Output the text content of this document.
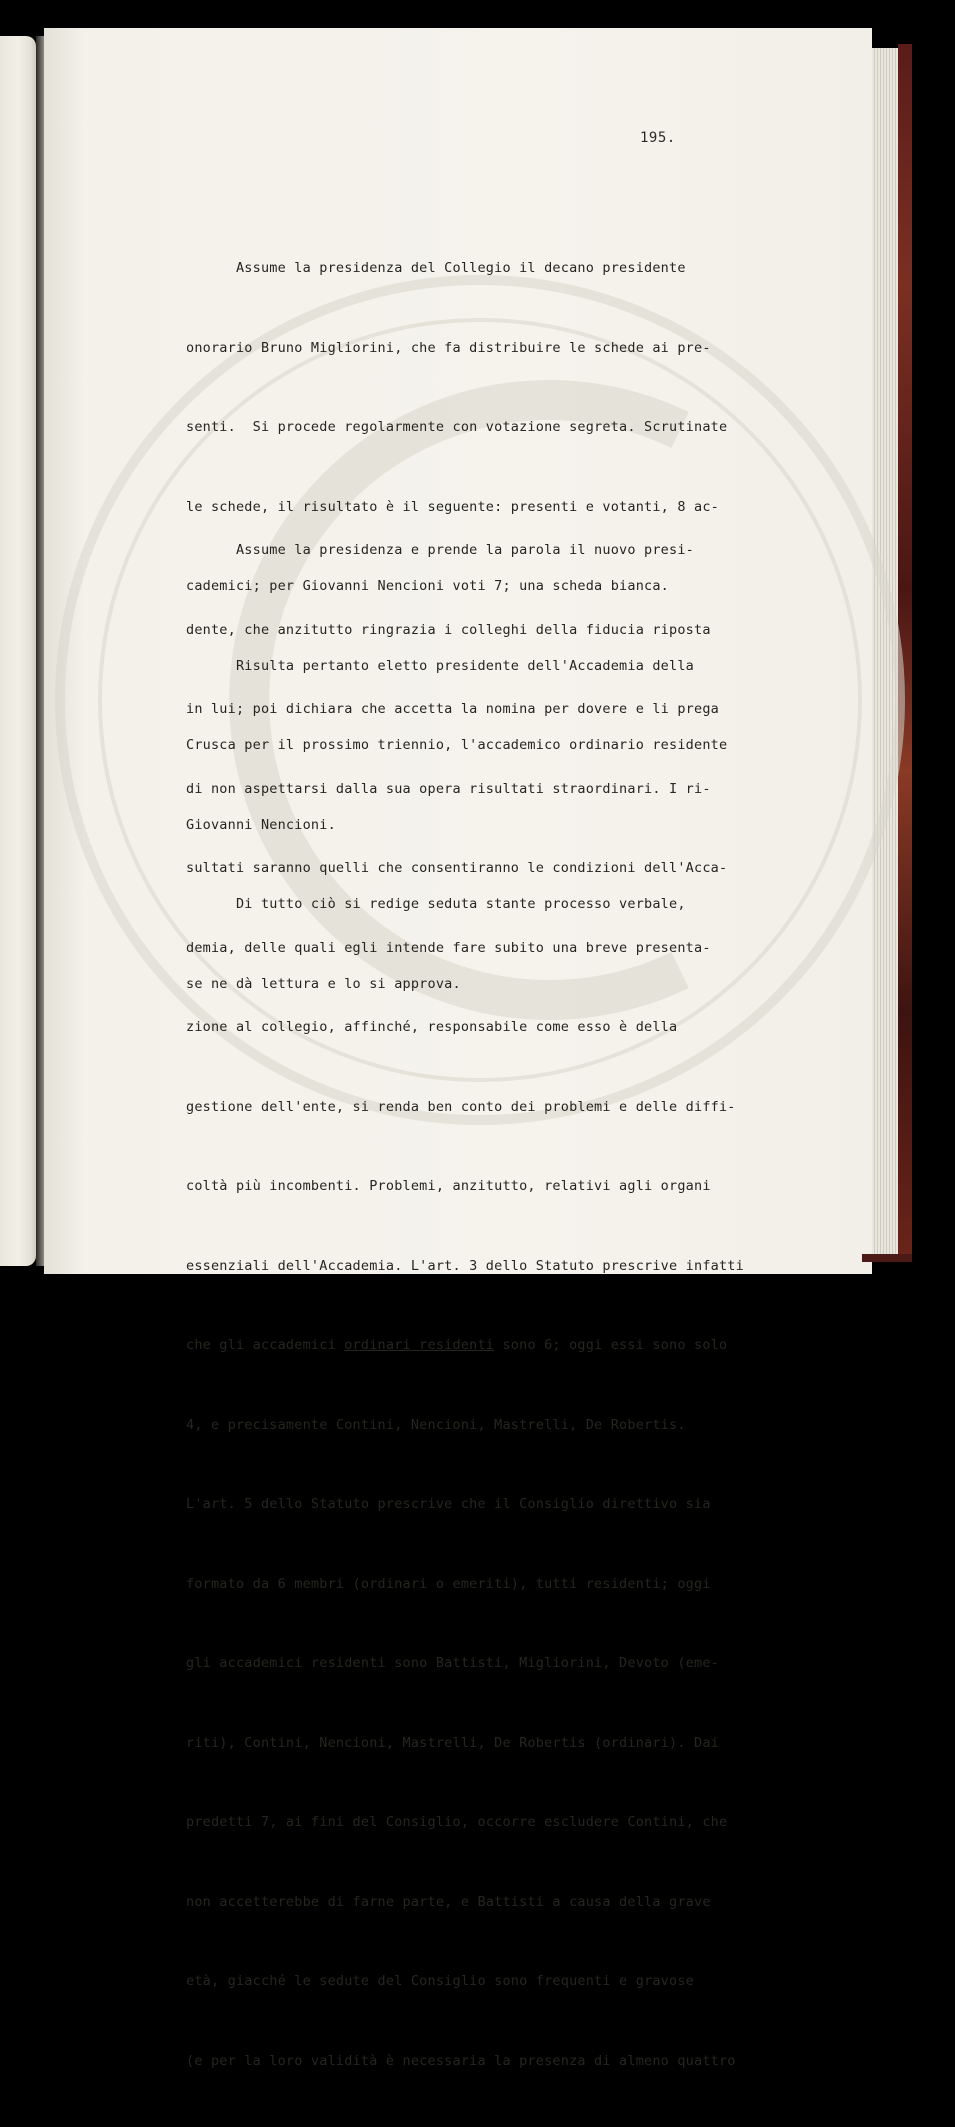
195.

Assume la presidenza del Collegio il decano presidente

onorario Bruno Migliorini, che fa distribuire le schede ai pre-

senti.  Si procede regolarmente con votazione segreta. Scrutinate

le schede, il risultato è il seguente: presenti e votanti, 8 ac-

cademici; per Giovanni Nencioni voti 7; una scheda bianca.

Risulta pertanto eletto presidente dell'Accademia della

Crusca per il prossimo triennio, l'accademico ordinario residente

Giovanni Nencioni.

Di tutto ciò si redige seduta stante processo verbale,

se ne dà lettura e lo si approva.

Assume la presidenza e prende la parola il nuovo presi-

dente, che anzitutto ringrazia i colleghi della fiducia riposta

in lui; poi dichiara che accetta la nomina per dovere e li prega

di non aspettarsi dalla sua opera risultati straordinari. I ri-

sultati saranno quelli che consentiranno le condizioni dell'Acca-

demia, delle quali egli intende fare subito una breve presenta-

zione al collegio, affinché, responsabile come esso è della

gestione dell'ente, si renda ben conto dei problemi e delle diffi-

coltà più incombenti. Problemi, anzitutto, relativi agli organi

essenziali dell'Accademia. L'art. 3 dello Statuto prescrive infatti

che gli accademici ordinari residenti sono 6; oggi essi sono solo

4, e precisamente Contini, Nencioni, Mastrelli, De Robertis.

L'art. 5 dello Statuto prescrive che il Consiglio direttivo sia

formato da 6 membri (ordinari o emeriti), tutti residenti; oggi

gli accademici residenti sono Battisti, Migliorini, Devoto (eme-

riti), Contini, Nencioni, Mastrelli, De Robertis (ordinari). Dai

predetti 7, ai fini del Consiglio, occorre escludere Contini, che

non accetterebbe di farne parte, e Battisti a causa della grave

età, giacché le sedute del Consiglio sono frequenti e gravose

(e per la loro validità è necessaria la presenza di almeno quattro
